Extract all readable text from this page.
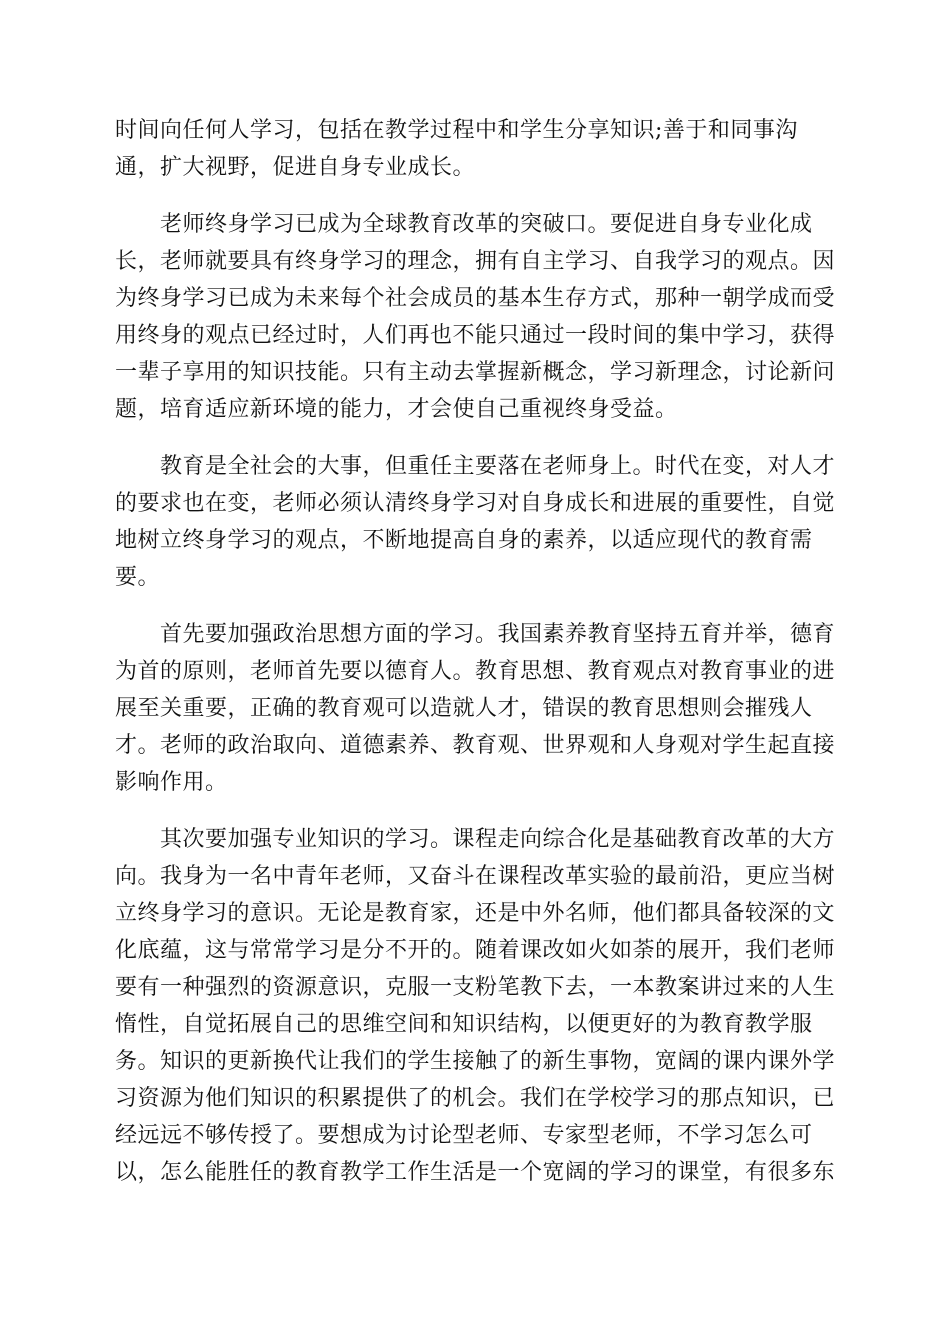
时间向任何人学习，包括在教学过程中和学生分享知识;善于和同事沟
通，扩大视野，促进自身专业成长。
　　老师终身学习已成为全球教育改革的突破口。要促进自身专业化成
长，老师就要具有终身学习的理念，拥有自主学习、自我学习的观点。因
为终身学习已成为未来每个社会成员的基本生存方式，那种一朝学成而受
用终身的观点已经过时，人们再也不能只通过一段时间的集中学习，获得
一辈子享用的知识技能。只有主动去掌握新概念，学习新理念，讨论新问
题，培育适应新环境的能力，才会使自己重视终身受益。
　　教育是全社会的大事，但重任主要落在老师身上。时代在变，对人才
的要求也在变，老师必须认清终身学习对自身成长和进展的重要性，自觉
地树立终身学习的观点，不断地提高自身的素养，以适应现代的教育需
要。
　　首先要加强政治思想方面的学习。我国素养教育坚持五育并举，德育
为首的原则，老师首先要以德育人。教育思想、教育观点对教育事业的进
展至关重要，正确的教育观可以造就人才，错误的教育思想则会摧残人
才。老师的政治取向、道德素养、教育观、世界观和人身观对学生起直接
影响作用。
　　其次要加强专业知识的学习。课程走向综合化是基础教育改革的大方
向。我身为一名中青年老师，又奋斗在课程改革实验的最前沿，更应当树
立终身学习的意识。无论是教育家，还是中外名师，他们都具备较深的文
化底蕴，这与常常学习是分不开的。随着课改如火如荼的展开，我们老师
要有一种强烈的资源意识，克服一支粉笔教下去，一本教案讲过来的人生
惰性，自觉拓展自己的思维空间和知识结构，以便更好的为教育教学服
务。知识的更新换代让我们的学生接触了的新生事物，宽阔的课内课外学
习资源为他们知识的积累提供了的机会。我们在学校学习的那点知识，已
经远远不够传授了。要想成为讨论型老师、专家型老师，不学习怎么可
以，怎么能胜任的教育教学工作生活是一个宽阔的学习的课堂，有很多东
